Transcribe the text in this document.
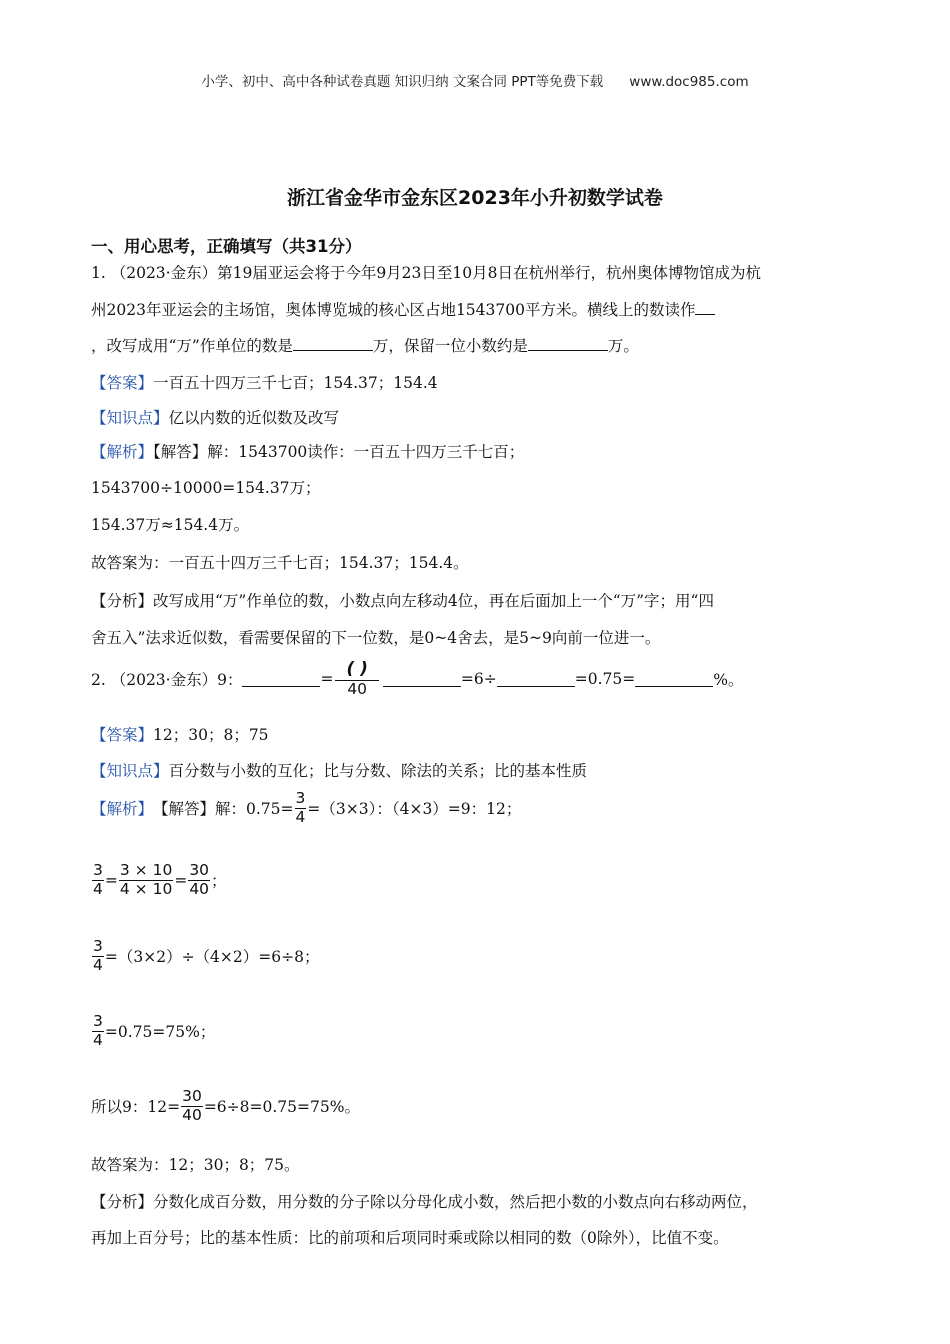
小学、初中、高中各种试卷真题 知识归纳 文案合同 PPT等免费下载 www.doc985.com
浙江省金华市金东区2023年小升初数学试卷
一、用心思考，正确填写（共31分）
1. （2023·金东）第19届亚运会将于今年9月23日至10月8日在杭州举行，杭州奥体博物馆成为杭
州2023年亚运会的主场馆，奥体博览城的核心区占地1543700平方米。横线上的数读作
，改写成用“万”作单位的数是	万，保留一位小数约是	万。
【答案】一百五十四万三千七百；154.37；154.4
【知识点】亿以内数的近似数及改写
【解析】【解答】解：1543700读作：一百五十四万三千七百；
1543700÷10000=154.37万；
154.37万≈154.4万。
故答案为：一百五十四万三千七百；154.37；154.4。
【分析】改写成用“万”作单位的数，小数点向左移动4位，再在后面加上一个“万”字；用“四
舍五入”法求近似数，看需要保留的下一位数，是0~4舍去，是5~9向前一位进一。
2. （2023·金东）9：	= $\frac{( )}{40}$	=6÷	=0.75=	%。
【答案】12；30；8；75
【知识点】百分数与小数的互化；比与分数、除法的关系；比的基本性质
【解析】 【解答】解：$0.75= \frac{3}{4} =(3\times 3)$：（4×3）=9：12；
$\frac{3}{4} = \frac{3 \times 10}{4 \times 10} = \frac{30}{40}$ ；
$\frac{3}{4} =(3\times 2)\div(4\times 2)=6\div 8$；
$\frac{3}{4} =0.75=75\%$；
所以9：$12= \frac{30}{40} =6\div 8=0.75=75\%$。
故答案为：12；30；8；75。
【分析】分数化成百分数，用分数的分子除以分母化成小数，然后把小数的小数点向右移动两位，
再加上百分号；比的基本性质：比的前项和后项同时乘或除以相同的数（0除外），比值不变。
